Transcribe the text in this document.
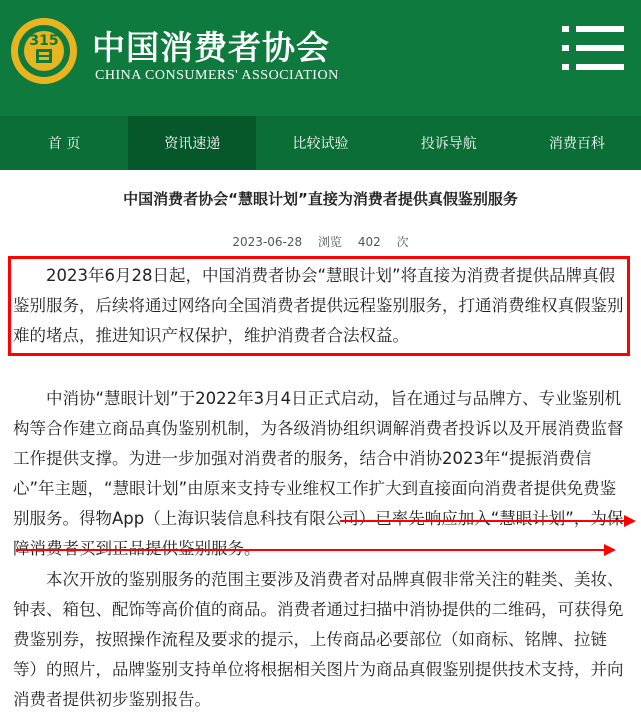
315 中国消费者协会
CHINA CONSUMERS' ASSOCIATION
首 页	资讯速递	比较试验	投诉导航	消费百科
中国消费者协会“慧眼计划”直接为消费者提供真假鉴别服务
2023-06-28 浏览 402 次
　　2023年6月28日起，中国消费者协会“慧眼计划”将直接为消费者提供品牌真假鉴别服务，后续将通过网络向全国消费者提供远程鉴别服务，打通消费维权真假鉴别难的堵点，推进知识产权保护，维护消费者合法权益。
　　中消协“慧眼计划”于2022年3月4日正式启动，旨在通过与品牌方、专业鉴别机构等合作建立商品真伪鉴别机制，为各级消协组织调解消费者投诉以及开展消费监督工作提供支撑。为进一步加强对消费者的服务，结合中消协2023年“提振消费信心”年主题，“慧眼计划”由原来支持专业维权工作扩大到直接面向消费者提供免费鉴别服务。得物App（上海识装信息科技有限公司）已率先响应加入“慧眼计划”，为保障消费者买到正品提供鉴别服务。
　　本次开放的鉴别服务的范围主要涉及消费者对品牌真假非常关注的鞋类、美妆、钟表、箱包、配饰等高价值的商品。消费者通过扫描中消协提供的二维码，可获得免费鉴别券，按照操作流程及要求的提示，上传商品必要部位（如商标、铭牌、拉链等）的照片，品牌鉴别支持单位将根据相关图片为商品真假鉴别提供技术支持，并向消费者提供初步鉴别报告。
